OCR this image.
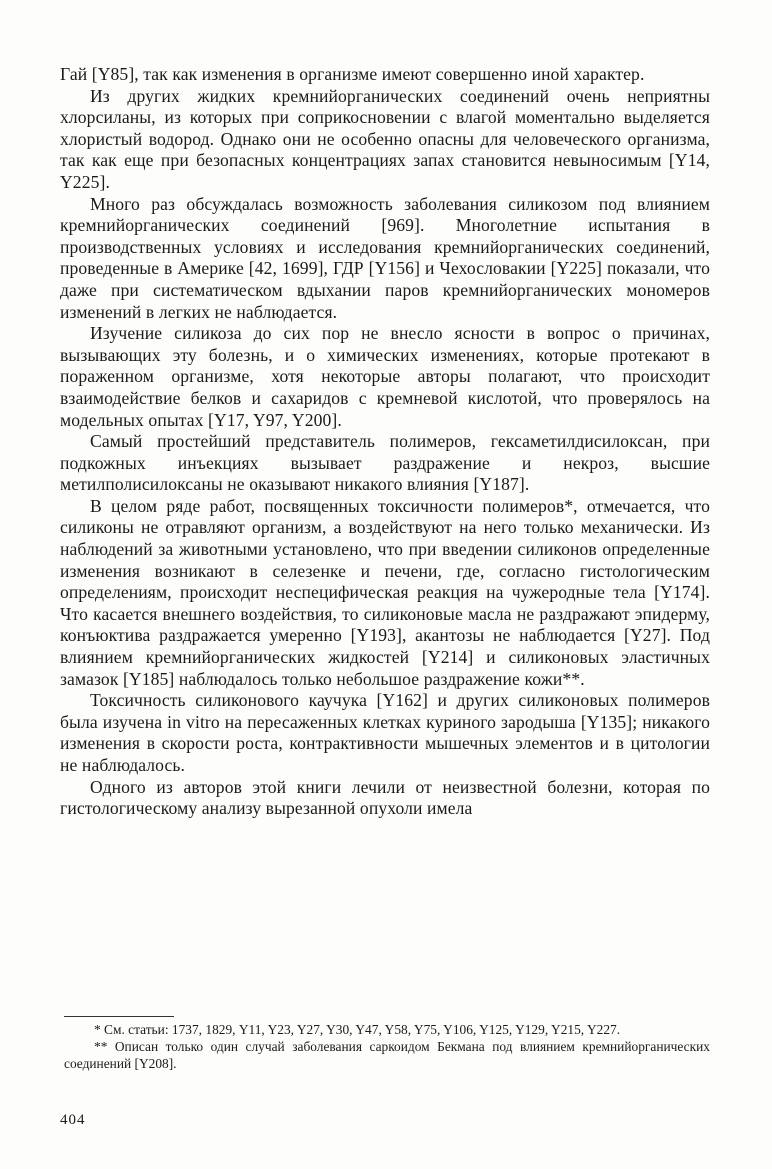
Гай [Y85], так как изменения в организме имеют совершенно иной характер.

Из других жидких кремнийорганических соединений очень неприятны хлорсиланы, из которых при соприкосновении с влагой моментально выделяется хлористый водород. Однако они не особенно опасны для человеческого организма, так как еще при безопасных концентрациях запах становится невыносимым [Y14, Y225].

Много раз обсуждалась возможность заболевания силикозом под влиянием кремнийорганических соединений [969]. Многолетние испытания в производственных условиях и исследования кремнийорганических соединений, проведенные в Америке [42, 1699], ГДР [Y156] и Чехословакии [Y225] показали, что даже при систематическом вдыхании паров кремнийорганических мономеров изменений в легких не наблюдается.

Изучение силикоза до сих пор не внесло ясности в вопрос о причинах, вызывающих эту болезнь, и о химических изменениях, которые протекают в пораженном организме, хотя некоторые авторы полагают, что происходит взаимодействие белков и сахаридов с кремневой кислотой, что проверялось на модельных опытах [Y17, Y97, Y200].

Самый простейший представитель полимеров, гексаметилдисилоксан, при подкожных инъекциях вызывает раздражение и некроз, высшие метилполисилоксаны не оказывают никакого влияния [Y187].

В целом ряде работ, посвященных токсичности полимеров*, отмечается, что силиконы не отравляют организм, а воздействуют на него только механически. Из наблюдений за животными установлено, что при введении силиконов определенные изменения возникают в селезенке и печени, где, согласно гистологическим определениям, происходит неспецифическая реакция на чужеродные тела [Y174]. Что касается внешнего воздействия, то силиконовые масла не раздражают эпидерму, конъюктива раздражается умеренно [Y193], акантозы не наблюдается [Y27]. Под влиянием кремнийорганических жидкостей [Y214] и силиконовых эластичных замазок [Y185] наблюдалось только небольшое раздражение кожи**.

Токсичность силиконового каучука [Y162] и других силиконовых полимеров была изучена in vitro на пересаженных клетках куриного зародыша [Y135]; никакого изменения в скорости роста, контрактивности мышечных элементов и в цитологии не наблюдалось.

Одного из авторов этой книги лечили от неизвестной болезни, которая по гистологическому анализу вырезанной опухоли имела

* См. статьи: 1737, 1829, Y11, Y23, Y27, Y30, Y47, Y58, Y75, Y106, Y125, Y129, Y215, Y227.

** Описан только один случай заболевания саркоидом Бекмана под влиянием кремнийорганических соединений [Y208].

404
